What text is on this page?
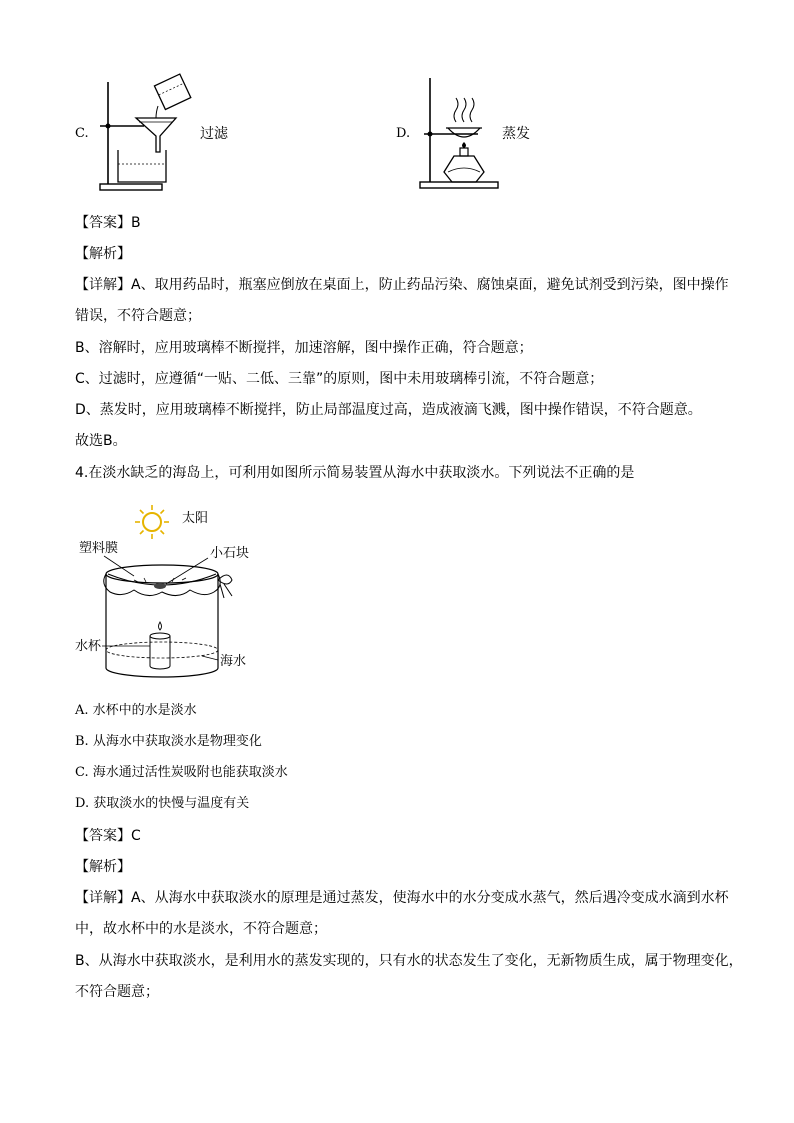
C.	过滤	D.	蒸发
【答案】B
【解析】
【详解】A、取用药品时，瓶塞应倒放在桌面上，防止药品污染、腐蚀桌面，避免试剂受到污染，图中操作
错误，不符合题意；
B、溶解时，应用玻璃棒不断搅拌，加速溶解，图中操作正确，符合题意；
C、过滤时，应遵循“一贴、二低、三靠”的原则，图中未用玻璃棒引流，不符合题意；
D、蒸发时，应用玻璃棒不断搅拌，防止局部温度过高，造成液滴飞溅，图中操作错误，不符合题意。
故选B。
4.在淡水缺乏的海岛上，可利用如图所示简易装置从海水中获取淡水。下列说法不正确的是
太阳
塑料膜	小石块
水杯
海水
A. 水杯中的水是淡水
B. 从海水中获取淡水是物理变化
C. 海水通过活性炭吸附也能获取淡水
D. 获取淡水的快慢与温度有关
【答案】C
【解析】
【详解】A、从海水中获取淡水的原理是通过蒸发，使海水中的水分变成水蒸气，然后遇冷变成水滴到水杯
中，故水杯中的水是淡水，不符合题意；
B、从海水中获取淡水，是利用水的蒸发实现的，只有水的状态发生了变化，无新物质生成，属于物理变化，
不符合题意；
